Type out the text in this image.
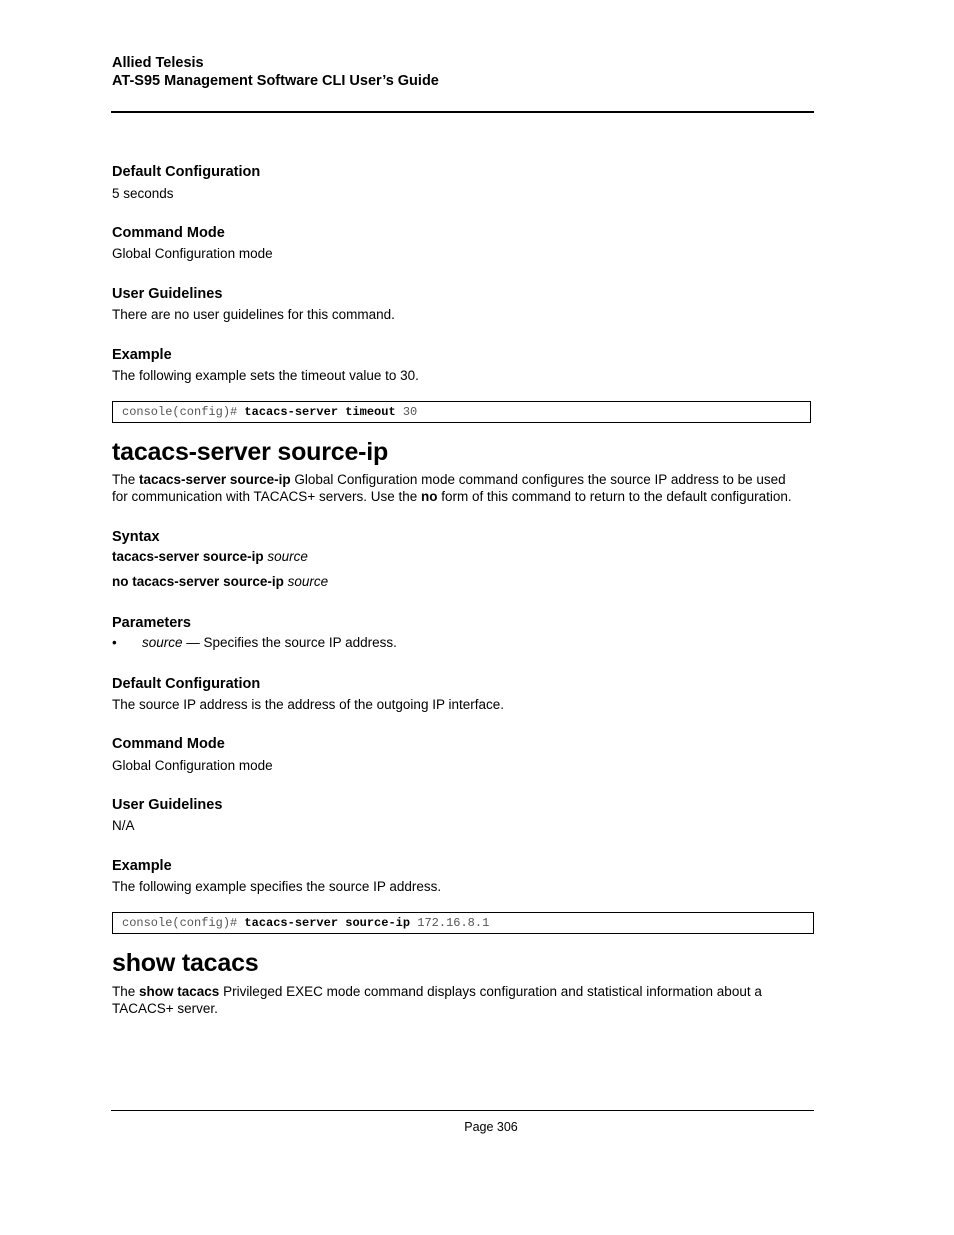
Allied Telesis
AT-S95 Management Software CLI User’s Guide
Default Configuration
5 seconds
Command Mode
Global Configuration mode
User Guidelines
There are no user guidelines for this command.
Example
The following example sets the timeout value to 30.
console(config)# tacacs-server timeout 30
tacacs-server source-ip
The tacacs-server source-ip Global Configuration mode command configures the source IP address to be used
for communication with TACACS+ servers. Use the no form of this command to return to the default configuration.
Syntax
tacacs-server source-ip source
no tacacs-server source-ip source
Parameters
• source — Specifies the source IP address.
Default Configuration
The source IP address is the address of the outgoing IP interface.
Command Mode
Global Configuration mode
User Guidelines
N/A
Example
The following example specifies the source IP address.
console(config)# tacacs-server source-ip 172.16.8.1
show tacacs
The show tacacs Privileged EXEC mode command displays configuration and statistical information about a
TACACS+ server.
Page 306
